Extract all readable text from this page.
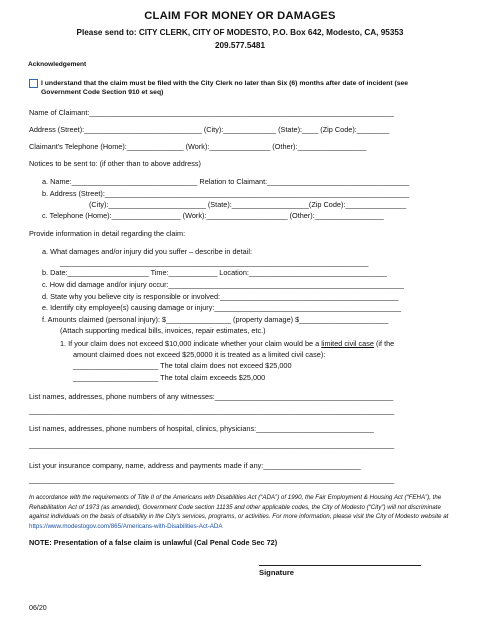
CLAIM FOR MONEY OR DAMAGES
Please send to: CITY CLERK, CITY OF MODESTO, P.O. Box 642, Modesto, CA, 95353
209.577.5481
Acknowledgement
I understand that the claim must be filed with the City Clerk no later than Six (6) months after date of incident (see Government Code Section 910 et seq)
Name of Claimant:___________________________________________________________________________
Address (Street):_____________________________ (City):_____________ (State):____ (Zip Code):________
Claimant's Telephone (Home):______________ (Work):_______________ (Other):_________________
Notices to be sent to: (if other than to above address)
a. Name:_______________________________ Relation to Claimant:___________________________________
b. Address (Street):___________________________________________________________________________
(City):________________________ (State):___________________(Zip Code):_______________
c. Telephone (Home):_________________ (Work):____________________ (Other):_________________
Provide information in detail regarding the claim:
a. What damages and/or injury did you suffer – describe in detail:
____________________________________________________________________________
b. Date:____________________ Time:____________ Location:__________________________________
c. How did damage and/or injury occur:__________________________________________________________
d. State why you believe city is responsible or involved:____________________________________________
e. Identify city employee(s) causing damage or injury:______________________________________________
f. Amounts claimed (personal injury): $________________ (property damage) $______________________
(Attach supporting medical bills, invoices, repair estimates, etc.)
1. If your claim does not exceed $10,000 indicate whether your claim would be a limited civil case (if the
amount claimed does not exceed $25,0000 it is treated as a limited civil case):
_____________________ The total claim does not exceed $25,000
_____________________ The total claim exceeds $25,000
List names, addresses, phone numbers of any witnesses:____________________________________________
__________________________________________________________________________________________
List names, addresses, phone numbers of hospital, clinics, physicians:_____________________________
__________________________________________________________________________________________
List your insurance company, name, address and payments made if any:________________________
__________________________________________________________________________________________
In accordance with the requirements of Title II of the Americans with Disabilities Act (“ADA”) of 1990, the Fair Employment & Housing Act (“FEHA”), the Rehabilitation Act of 1973 (as amended), Government Code section 11135 and other applicable codes, the City of Modesto (“City”) will not discriminate against individuals on the basis of disability in the City's services, programs, or activities. For more information, please visit the City of Modesto website at https://www.modestogov.com/865/Americans-with-Disabilities-Act-ADA
NOTE: Presentation of a false claim is unlawful (Cal Penal Code Sec 72)
Signature
06/20
